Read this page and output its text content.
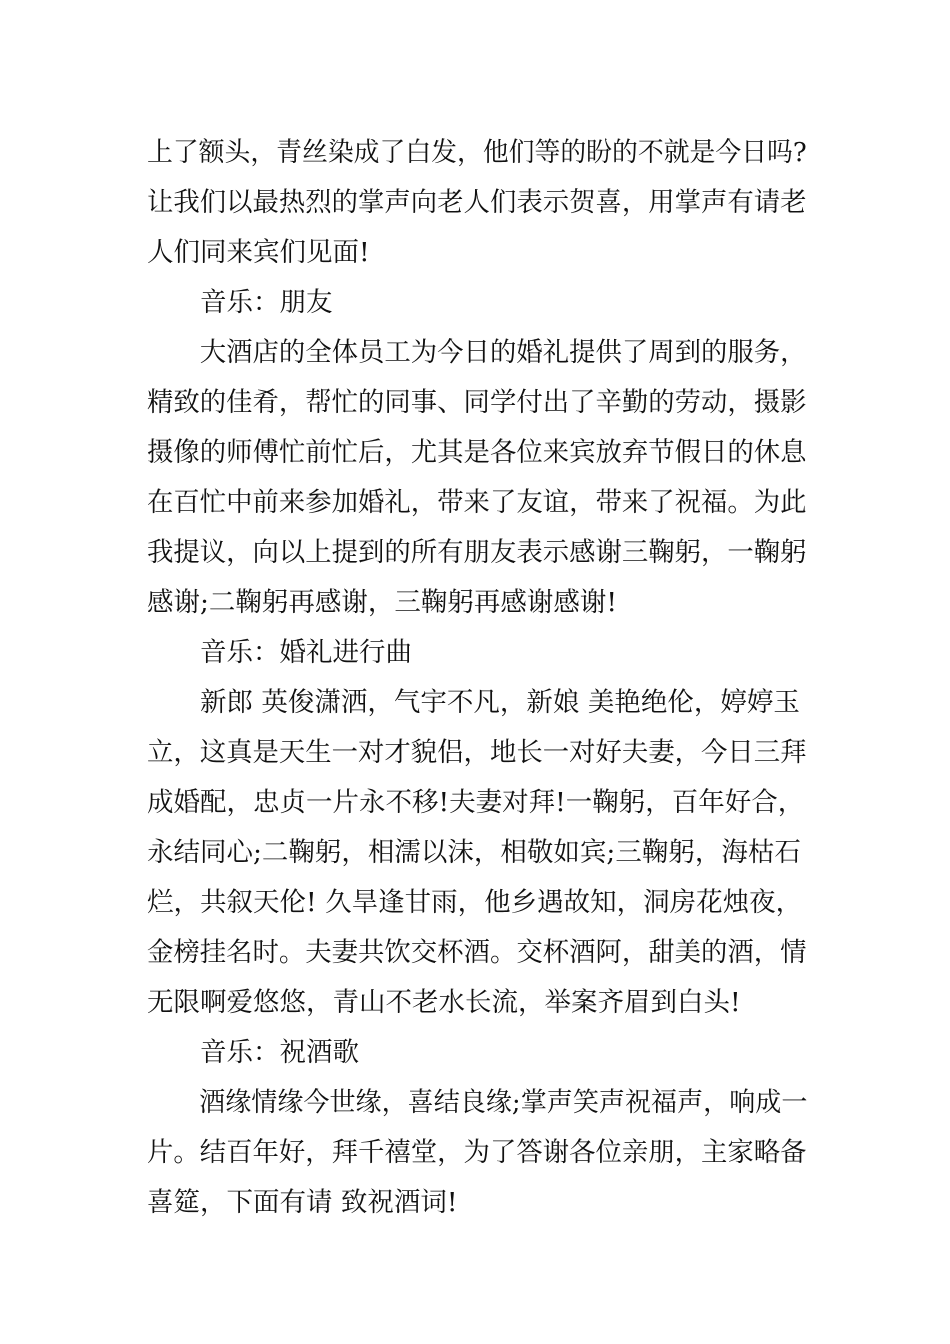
上了额头，青丝染成了白发，他们等的盼的不就是今日吗?
让我们以最热烈的掌声向老人们表示贺喜，用掌声有请老
人们同来宾们见面!
音乐：朋友
大酒店的全体员工为今日的婚礼提供了周到的服务，
精致的佳肴，帮忙的同事、同学付出了辛勤的劳动，摄影
摄像的师傅忙前忙后，尤其是各位来宾放弃节假日的休息
在百忙中前来参加婚礼，带来了友谊，带来了祝福。为此
我提议，向以上提到的所有朋友表示感谢三鞠躬，一鞠躬
感谢;二鞠躬再感谢，三鞠躬再感谢感谢!
音乐：婚礼进行曲
新郎 英俊潇洒，气宇不凡，新娘 美艳绝伦，婷婷玉
立，这真是天生一对才貌侣，地长一对好夫妻，今日三拜
成婚配，忠贞一片永不移!夫妻对拜!一鞠躬，百年好合，
永结同心;二鞠躬，相濡以沫，相敬如宾;三鞠躬，海枯石
烂，共叙天伦! 久旱逢甘雨，他乡遇故知，洞房花烛夜，
金榜挂名时。夫妻共饮交杯酒。交杯酒阿，甜美的酒，情
无限啊爱悠悠，青山不老水长流，举案齐眉到白头!
音乐：祝酒歌
酒缘情缘今世缘，喜结良缘;掌声笑声祝福声，响成一
片。结百年好，拜千禧堂，为了答谢各位亲朋，主家略备
喜筵，下面有请 致祝酒词!
